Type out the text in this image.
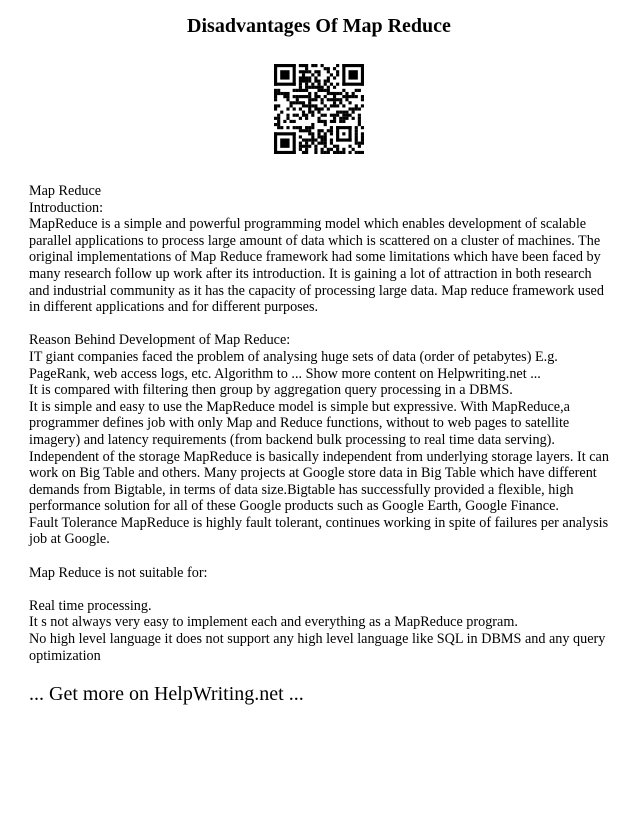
Disadvantages Of Map Reduce

Map Reduce

Introduction:

MapReduce is a simple and powerful programming model which enables development of scalable parallel applications to process large amount of data which is scattered on a cluster of machines. The original implementations of Map Reduce framework had some limitations which have been faced by many research follow up work after its introduction. It is gaining a lot of attraction in both research and industrial community as it has the capacity of processing large data. Map reduce framework used in different applications and for different purposes.

Reason Behind Development of Map Reduce:

IT giant companies faced the problem of analysing huge sets of data (order of petabytes) E.g. PageRank, web access logs, etc. Algorithm to ... Show more content on Helpwriting.net ...

It is compared with filtering then group by aggregation query processing in a DBMS.

It is simple and easy to use the MapReduce model is simple but expressive. With MapReduce,a programmer defines job with only Map and Reduce functions, without to web pages to satellite imagery) and latency requirements (from backend bulk processing to real time data serving).

Independent of the storage MapReduce is basically independent from underlying storage layers. It can work on Big Table and others. Many projects at Google store data in Big Table which have different demands from Bigtable, in terms of data size.Bigtable has successfully provided a flexible, high performance solution for all of these Google products such as Google Earth, Google Finance.

Fault Tolerance MapReduce is highly fault tolerant, continues working in spite of failures per analysis job at Google.

Map Reduce is not suitable for:

Real time processing.

It s not always very easy to implement each and everything as a MapReduce program.

No high level language it does not support any high level language like SQL in DBMS and any query optimization

... Get more on HelpWriting.net ...
